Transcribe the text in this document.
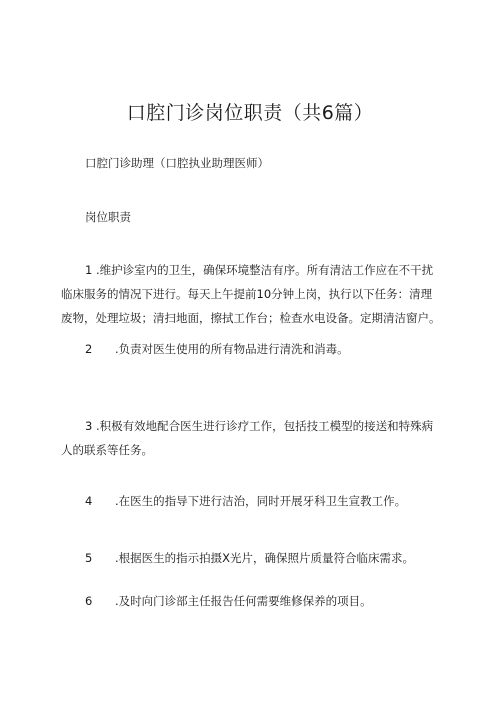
口腔门诊岗位职责（共6篇）
口腔门诊助理（口腔执业助理医师）
岗位职责
1 .维护诊室内的卫生，确保环境整洁有序。所有清洁工作应在不干扰
临床服务的情况下进行。每天上午提前10分钟上岗，执行以下任务：清理
废物，处理垃圾；清扫地面，擦拭工作台；检查水电设备。定期清洁窗户。
2 .负责对医生使用的所有物品进行清洗和消毒。
3 .积极有效地配合医生进行诊疗工作，包括技工模型的接送和特殊病
人的联系等任务。
4 .在医生的指导下进行洁治，同时开展牙科卫生宣教工作。
5 .根据医生的指示拍摄X光片，确保照片质量符合临床需求。
6 .及时向门诊部主任报告任何需要维修保养的项目。
